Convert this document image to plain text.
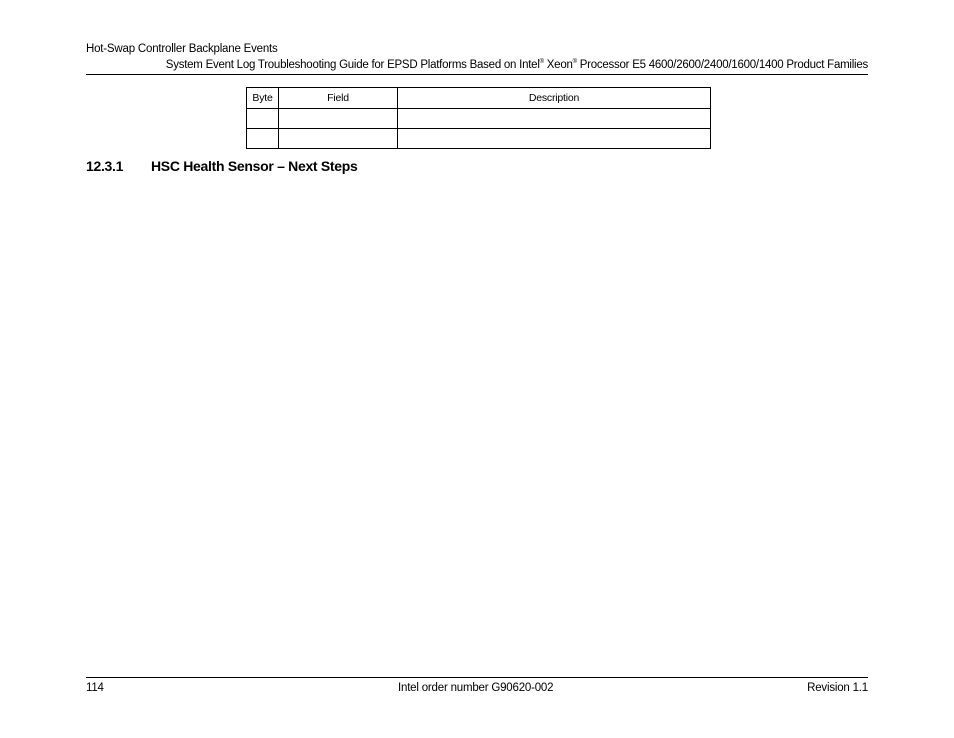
Hot-Swap Controller Backplane Events
System Event Log Troubleshooting Guide for EPSD Platforms Based on Intel® Xeon® Processor E5 4600/2600/2400/1600/1400 Product Families
Byte	Field	Description

12.3.1 HSC Health Sensor – Next Steps
114	Intel order number G90620-002	Revision 1.1
